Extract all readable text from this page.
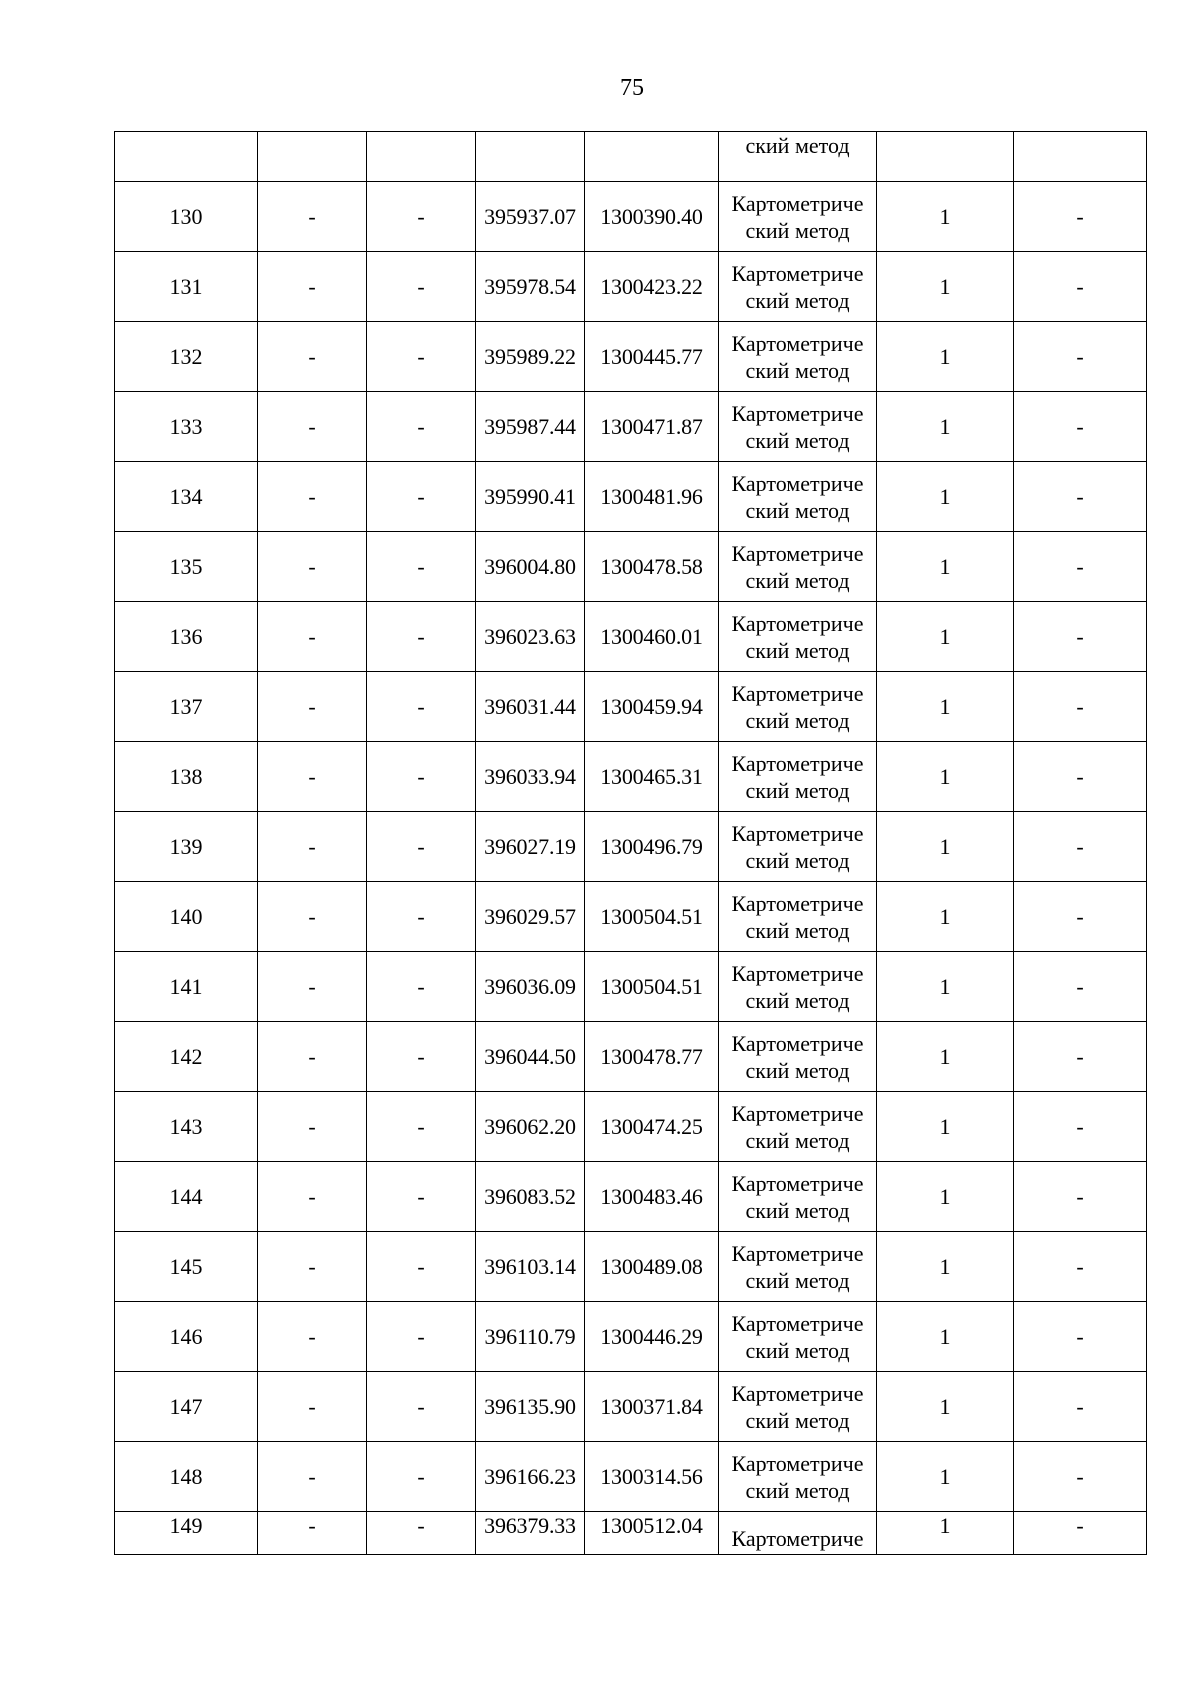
75

					ский метод		

130	-	-	395937.07	1300390.40	Картометриче
ский метод	1	-
131	-	-	395978.54	1300423.22	Картометриче
ский метод	1	-
132	-	-	395989.22	1300445.77	Картометриче
ский метод	1	-
133	-	-	395987.44	1300471.87	Картометриче
ский метод	1	-
134	-	-	395990.41	1300481.96	Картометриче
ский метод	1	-
135	-	-	396004.80	1300478.58	Картометриче
ский метод	1	-
136	-	-	396023.63	1300460.01	Картометриче
ский метод	1	-
137	-	-	396031.44	1300459.94	Картометриче
ский метод	1	-
138	-	-	396033.94	1300465.31	Картометриче
ский метод	1	-
139	-	-	396027.19	1300496.79	Картометриче
ский метод	1	-
140	-	-	396029.57	1300504.51	Картометриче
ский метод	1	-
141	-	-	396036.09	1300504.51	Картометриче
ский метод	1	-
142	-	-	396044.50	1300478.77	Картометриче
ский метод	1	-
143	-	-	396062.20	1300474.25	Картометриче
ский метод	1	-
144	-	-	396083.52	1300483.46	Картометриче
ский метод	1	-
145	-	-	396103.14	1300489.08	Картометриче
ский метод	1	-
146	-	-	396110.79	1300446.29	Картометриче
ский метод	1	-
147	-	-	396135.90	1300371.84	Картометриче
ский метод	1	-
148	-	-	396166.23	1300314.56	Картометриче
ский метод	1	-
149	-	-	396379.33	1300512.04	Картометриче	1	-
